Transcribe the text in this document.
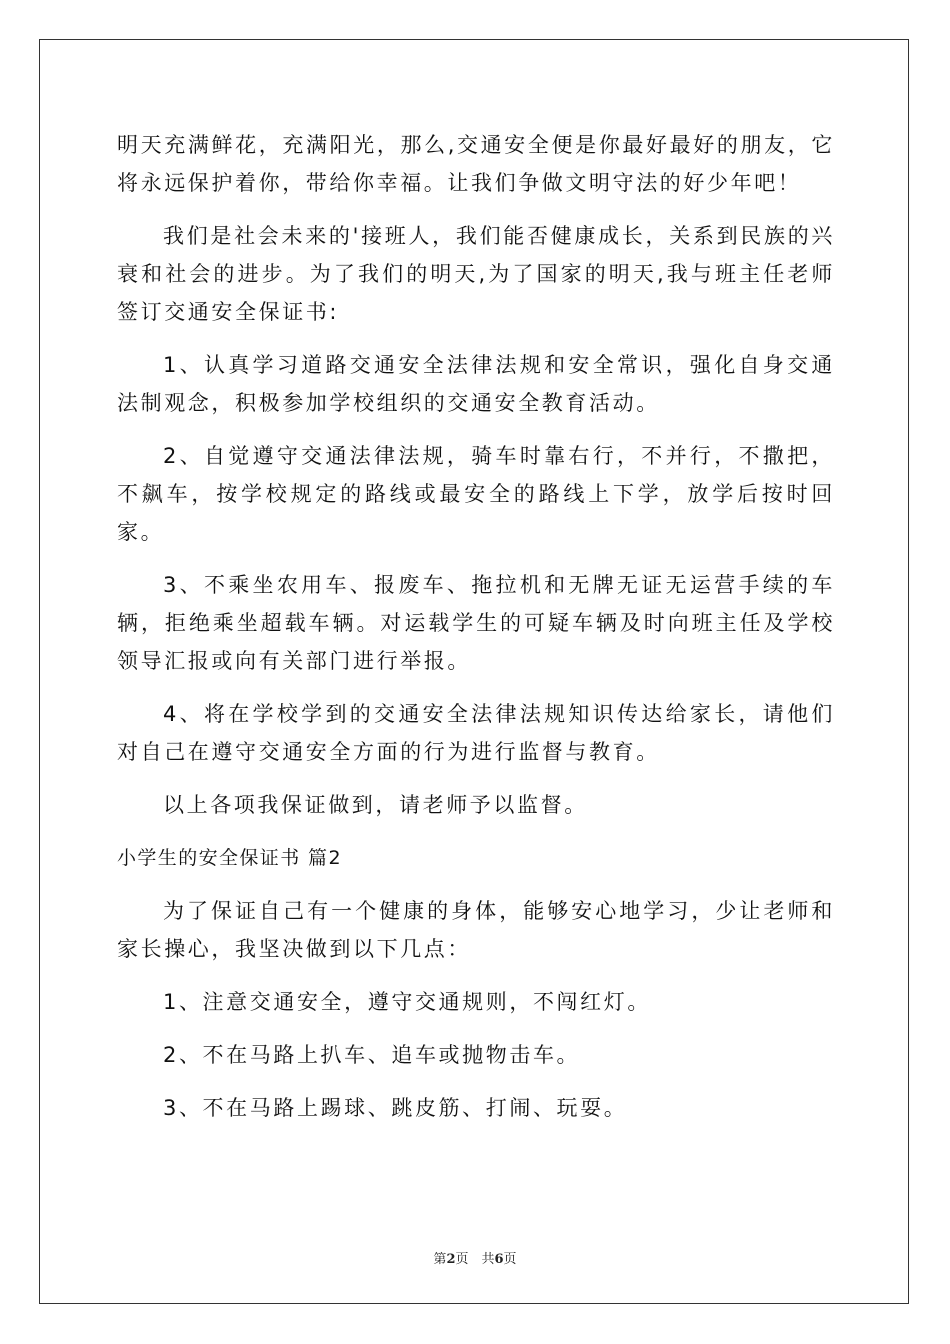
明天充满鲜花，充满阳光，那么,交通安全便是你最好最好的朋友，它将永远保护着你，带给你幸福。让我们争做文明守法的好少年吧！

我们是社会未来的'接班人，我们能否健康成长，关系到民族的兴衰和社会的进步。为了我们的明天,为了国家的明天,我与班主任老师签订交通安全保证书:

1、认真学习道路交通安全法律法规和安全常识，强化自身交通法制观念，积极参加学校组织的交通安全教育活动。

2、自觉遵守交通法律法规，骑车时靠右行，不并行，不撒把，不飙车，按学校规定的路线或最安全的路线上下学，放学后按时回家。

3、不乘坐农用车、报废车、拖拉机和无牌无证无运营手续的车辆，拒绝乘坐超载车辆。对运载学生的可疑车辆及时向班主任及学校领导汇报或向有关部门进行举报。

4、将在学校学到的交通安全法律法规知识传达给家长，请他们对自己在遵守交通安全方面的行为进行监督与教育。

以上各项我保证做到，请老师予以监督。

小学生的安全保证书 篇2

为了保证自己有一个健康的身体，能够安心地学习，少让老师和家长操心，我坚决做到以下几点：

1、注意交通安全，遵守交通规则，不闯红灯。

2、不在马路上扒车、追车或抛物击车。

3、不在马路上踢球、跳皮筋、打闹、玩耍。

第2页　共6页
